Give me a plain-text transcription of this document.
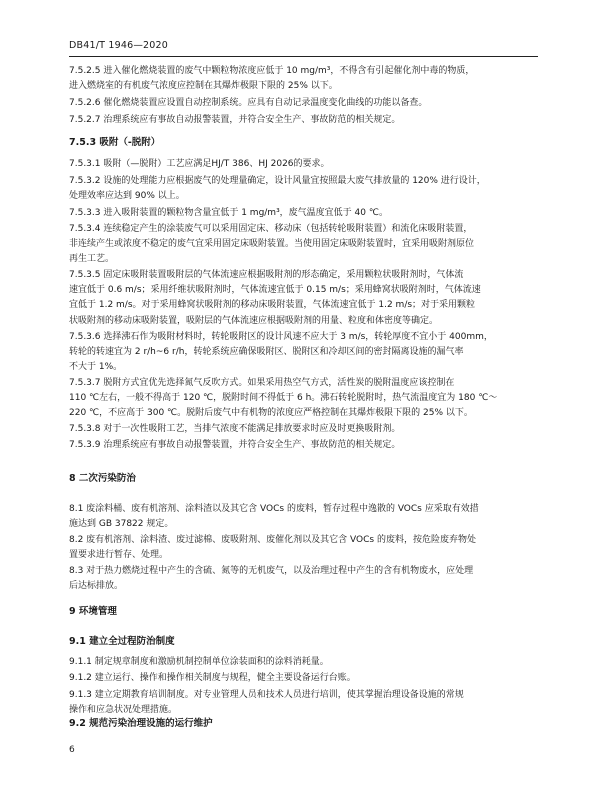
DB41/T 1946—2020
7.5.2.5 进入催化燃烧装置的废气中颗粒物浓度应低于 10 mg/m³，不得含有引起催化剂中毒的物质，
进入燃烧室的有机废气浓度应控制在其爆炸极限下限的 25% 以下。
7.5.2.6 催化燃烧装置应设置自动控制系统。应具有自动记录温度变化曲线的功能以备查。
7.5.2.7 治理系统应有事故自动报警装置，并符合安全生产、事故防范的相关规定。
7.5.3 吸附（-脱附）
7.5.3.1 吸附（—脱附）工艺应满足HJ/T 386、HJ 2026的要求。
7.5.3.2 设施的处理能力应根据废气的处理量确定，设计风量宜按照最大废气排放量的 120% 进行设计，
处理效率应达到 90% 以上。
7.5.3.3 进入吸附装置的颗粒物含量宜低于 1 mg/m³，废气温度宜低于 40 ℃。
7.5.3.4 连续稳定产生的涂装废气可以采用固定床、移动床（包括转轮吸附装置）和流化床吸附装置，
非连续产生或浓度不稳定的废气宜采用固定床吸附装置。当使用固定床吸附装置时，宜采用吸附剂原位
再生工艺。
7.5.3.5 固定床吸附装置吸附层的气体流速应根据吸附剂的形态确定，采用颗粒状吸附剂时，气体流
速宜低于 0.6 m/s；采用纤维状吸附剂时，气体流速宜低于 0.15 m/s；采用蜂窝状吸附剂时，气体流速
宜低于 1.2 m/s。对于采用蜂窝状吸附剂的移动床吸附装置，气体流速宜低于 1.2 m/s；对于采用颗粒
状吸附剂的移动床吸附装置，吸附层的气体流速应根据吸附剂的用量、粒度和体密度等确定。
7.5.3.6 选择沸石作为吸附材料时，转轮吸附区的设计风速不应大于 3 m/s，转轮厚度不宜小于 400mm，
转轮的转速宜为 2 r/h~6 r/h，转轮系统应确保吸附区、脱附区和冷却区间的密封隔离设施的漏气率
不大于 1%。
7.5.3.7 脱附方式宜优先选择氮气反吹方式。如果采用热空气方式，活性炭的脱附温度应该控制在
110 ℃左右，一般不得高于 120 ℃，脱附时间不得低于 6 h。沸石转轮脱附时，热气流温度宜为 180 ℃～
220 ℃，不应高于 300 ℃。脱附后废气中有机物的浓度应严格控制在其爆炸极限下限的 25% 以下。
7.5.3.8 对于一次性吸附工艺，当排气浓度不能满足排放要求时应及时更换吸附剂。
7.5.3.9 治理系统应有事故自动报警装置，并符合安全生产、事故防范的相关规定。
8 二次污染防治
8.1 废涂料桶、废有机溶剂、涂料渣以及其它含 VOCs 的废料，暂存过程中逸散的 VOCs 应采取有效措
施达到 GB 37822 规定。
8.2 废有机溶剂、涂料渣、废过滤棉、废吸附剂、废催化剂以及其它含 VOCs 的废料，按危险废弃物处
置要求进行暂存、处理。
8.3 对于热力燃烧过程中产生的含硫、氮等的无机废气，以及治理过程中产生的含有机物废水，应处理
后达标排放。
9 环境管理
9.1 建立全过程防治制度
9.1.1 制定规章制度和激励机制控制单位涂装面积的涂料消耗量。
9.1.2 建立运行、操作和操作相关制度与规程，健全主要设备运行台账。
9.1.3 建立定期教育培训制度。对专业管理人员和技术人员进行培训，使其掌握治理设备设施的常规
操作和应急状况处理措施。
9.2 规范污染治理设施的运行维护
6
